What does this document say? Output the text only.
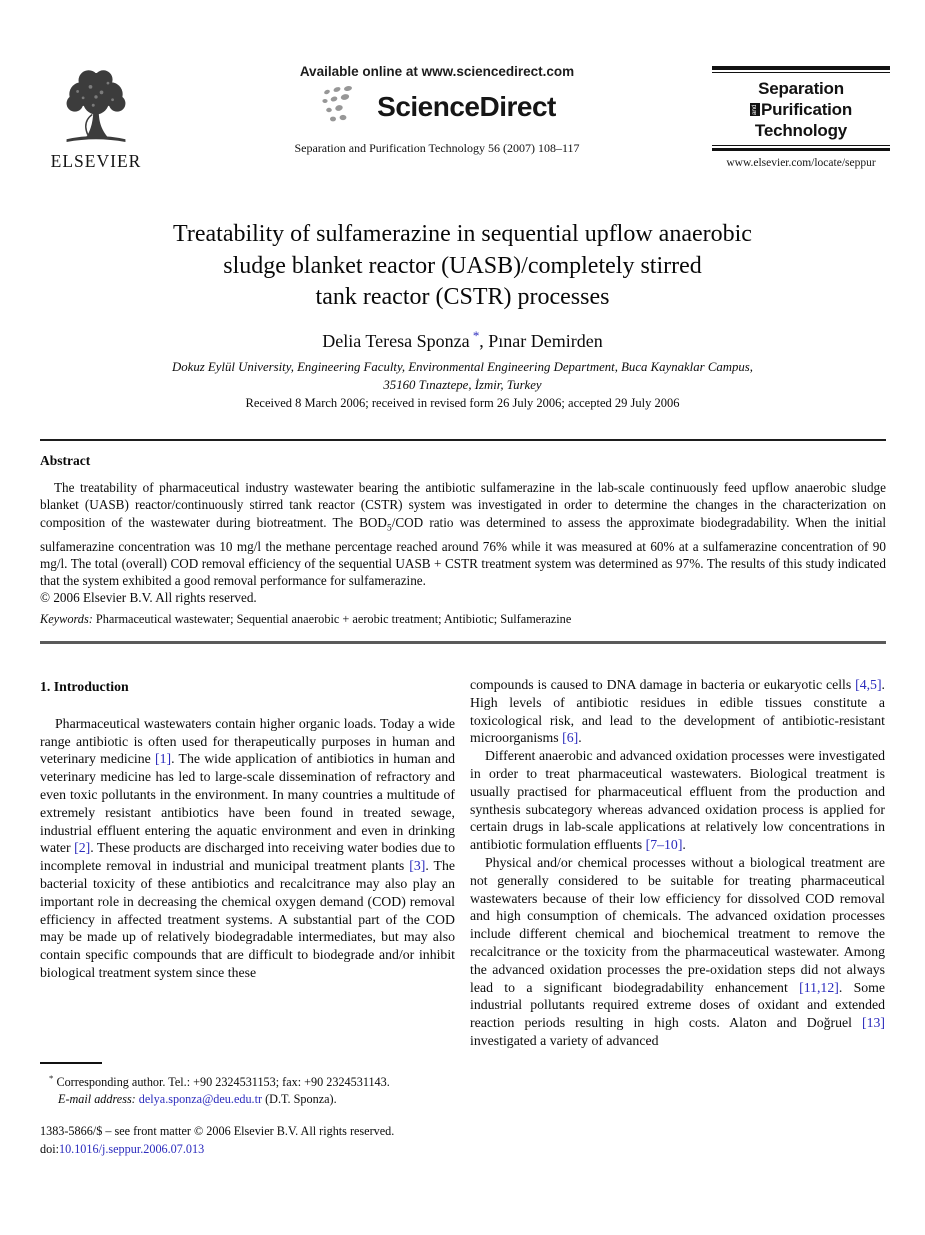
ELSEVIER
Available online at www.sciencedirect.com
ScienceDirect
Separation and Purification Technology 56 (2007) 108–117
Separation
and Purification
Technology
www.elsevier.com/locate/seppur
Treatability of sulfamerazine in sequential upflow anaerobic
sludge blanket reactor (UASB)/completely stirred
tank reactor (CSTR) processes
Delia Teresa Sponza *, Pınar Demirden
Dokuz Eylül University, Engineering Faculty, Environmental Engineering Department, Buca Kaynaklar Campus,
35160 Tınaztepe, İzmir, Turkey
Received 8 March 2006; received in revised form 26 July 2006; accepted 29 July 2006
Abstract

The treatability of pharmaceutical industry wastewater bearing the antibiotic sulfamerazine in the lab-scale continuously feed upflow anaerobic sludge blanket (UASB) reactor/continuously stirred tank reactor (CSTR) system was investigated in order to determine the changes in the characterization on composition of the wastewater during biotreatment. The $BOD_5$/COD ratio was determined to assess the approximate biodegradability. When the initial sulfamerazine concentration was 10 mg/l the methane percentage reached around 76% while it was measured at 60% at a sulfamerazine concentration of 90 mg/l. The total (overall) COD removal efficiency of the sequential UASB + CSTR treatment system was determined as 97%. The results of this study indicated that the system exhibited a good removal performance for sulfamerazine.

© 2006 Elsevier B.V. All rights reserved.

Keywords: Pharmaceutical wastewater; Sequential anaerobic + aerobic treatment; Antibiotic; Sulfamerazine
1. Introduction

Pharmaceutical wastewaters contain higher organic loads. Today a wide range antibiotic is often used for therapeutically purposes in human and veterinary medicine [1]. The wide application of antibiotics in human and veterinary medicine has led to large-scale dissemination of refractory and even toxic pollutants in the environment. In many countries a multitude of extremely resistant antibiotics have been found in treated sewage, industrial effluent entering the aquatic environment and even in drinking water [2]. These products are discharged into receiving water bodies due to incomplete removal in industrial and municipal treatment plants [3]. The bacterial toxicity of these antibiotics and recalcitrance may also play an important role in decreasing the chemical oxygen demand (COD) removal efficiency in affected treatment systems. A substantial part of the COD may be made up of relatively biodegradable intermediates, but may also contain specific compounds that are difficult to biodegrade and/or inhibit biological treatment system since these

compounds is caused to DNA damage in bacteria or eukaryotic cells [4,5]. High levels of antibiotic residues in edible tissues constitute a toxicological risk, and lead to the development of antibiotic-resistant microorganisms [6].

Different anaerobic and advanced oxidation processes were investigated in order to treat pharmaceutical wastewaters. Biological treatment is usually practised for pharmaceutical effluent from the production and synthesis subcategory whereas advanced oxidation process is applied for certain drugs in lab-scale applications at relatively low concentrations in antibiotic formulation effluents [7–10].

Physical and/or chemical processes without a biological treatment are not generally considered to be suitable for treating pharmaceutical wastewaters because of their low efficiency for dissolved COD removal and high consumption of chemicals. The advanced oxidation processes include different chemical and biochemical treatment to remove the recalcitrance or the toxicity from the pharmaceutical wastewater. Among the advanced oxidation processes the pre-oxidation steps did not always lead to a significant biodegradability enhancement [11,12]. Some industrial pollutants required extreme doses of oxidant and extended reaction periods resulting in high costs. Alaton and Doğruel [13] investigated a variety of advanced

* Corresponding author. Tel.: +90 2324531153; fax: +90 2324531143.
E-mail address: delya.sponza@deu.edu.tr (D.T. Sponza).
1383-5866/$ – see front matter © 2006 Elsevier B.V. All rights reserved.
doi:10.1016/j.seppur.2006.07.013
